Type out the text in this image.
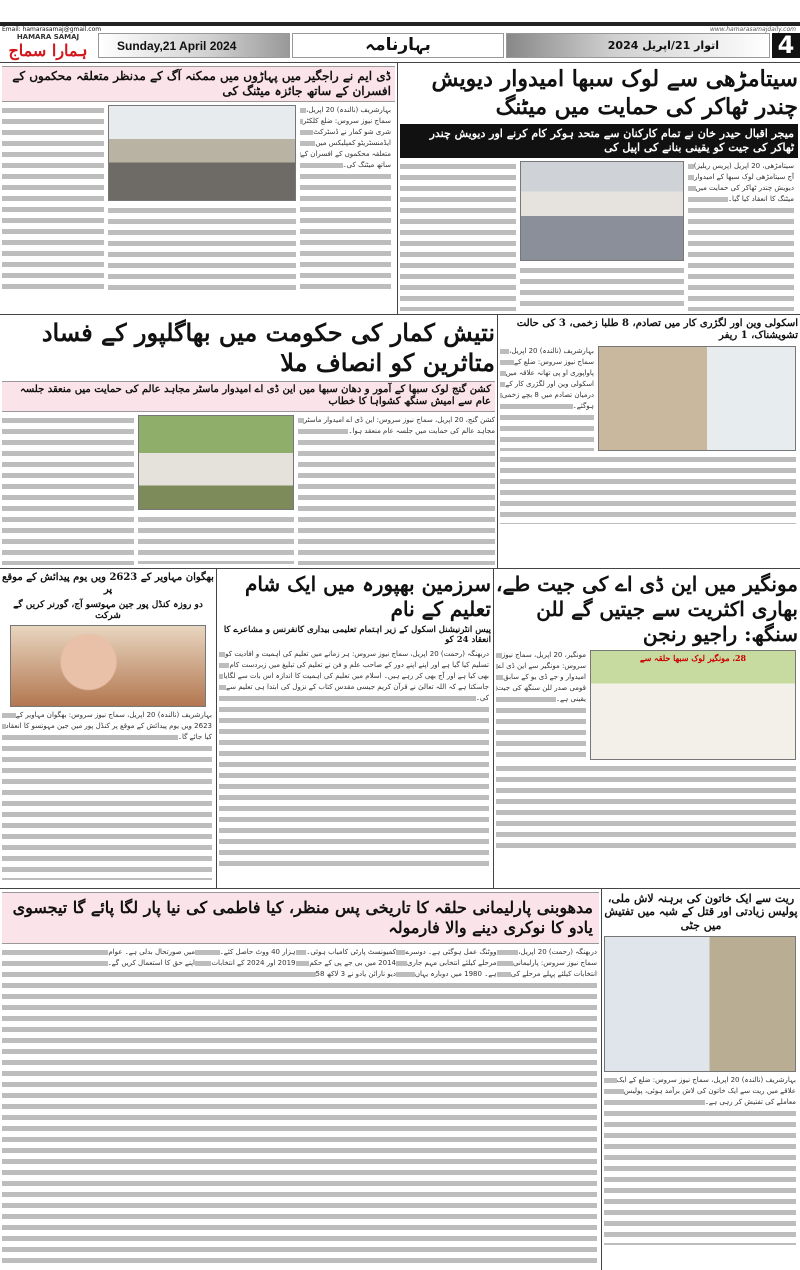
Email: hamarasamaj@gmail.com	www.hamarasamajdaily.com
HAMARA SAMAJ
ہمارا سماج	Sunday,21 April 2024	بہارنامہ	اتوار 21/اپریل 2024	4
ڈی ایم نے راجگیر میں پہاڑوں میں ممکنہ آگ کے مدنظر متعلقہ محکموں کے افسران کے ساتھ جائزہ میٹنگ کی
بہارشریف (نالندہ) 20 اپریل، سماج نیوز سروس: ضلع کلکٹر شری شو کمار نے ڈسٹرکٹ ایڈمنسٹریٹو کمپلیکس میں متعلقہ محکموں کے افسران کے ساتھ میٹنگ کی۔
سیتامڑھی سے لوک سبھا امیدوار دیویش چندر ٹھاکر کی حمایت میں میٹنگ
میجر اقبال حیدر خان نے تمام کارکنان سے متحد ہوکر کام کرنے اور دیویش چندر ٹھاکر کی جیت کو یقینی بنانے کی اپیل کی
سیتامڑھی، 20 اپریل (پریس ریلیز) آج سیتامڑھی لوک سبھا کے امیدوار دیویش چندر ٹھاکر کی حمایت میں میٹنگ کا انعقاد کیا گیا۔
نتیش کمار کی حکومت میں بھاگلپور کے فساد متاثرین کو انصاف ملا
کشن گنج لوک سبھا کے آمور و دھان سبھا میں این ڈی اے امیدوار ماسٹر مجاہد عالم کی حمایت میں منعقد جلسہ عام سے امیش سنگھ کشواہا کا خطاب
کشن گنج، 20 اپریل، سماج نیوز سروس: این ڈی اے امیدوار ماسٹر مجاہد عالم کی حمایت میں جلسہ عام منعقد ہوا۔
اسکولی وین اور لگژری کار میں تصادم، 8 طلبا زخمی، 3 کی حالت تشویشناک، 1 ریفر
بہارشریف (نالندہ) 20 اپریل، سماج نیوز سروس: ضلع کے پاواپوری او پی تھانہ علاقہ میں اسکولی وین اور لگژری کار کے درمیان تصادم میں 8 بچے زخمی ہوگئے۔
بھگوان مہاویر کے 2623 ویں یوم پیدائش کے موقع پر
دو روزہ کنڈل پور جین مہوتسو آج، گورنر کریں گے شرکت
بہارشریف (نالندہ) 20 اپریل، سماج نیوز سروس: بھگوان مہاویر کے 2623 ویں یوم پیدائش کے موقع پر کنڈل پور میں جین مہوتسو کا انعقاد کیا جائے گا۔
سرزمین بھپورہ میں ایک شام تعلیم کے نام
پیس انٹرنیشنل اسکول کے زیر اہتمام تعلیمی بیداری کانفرنس و مشاعرے کا انعقاد 24 کو
دربھنگہ (رحمت) 20 اپریل، سماج نیوز سروس: ہر زمانے میں تعلیم کی اہمیت و افادیت کو تسلیم کیا گیا ہے اور اپنے اپنے دور کے صاحب علم و فن نے تعلیم کی تبلیغ میں زبردست کام بھی کیا ہے اور آج بھی کر رہے ہیں۔ اسلام میں تعلیم کی اہمیت کا اندازہ اس بات سے لگایا جاسکتا ہے کہ اللہ تعالیٰ نے قرآن کریم جیسی مقدس کتاب کے نزول کی ابتدا ہی تعلیم سے کی۔
مونگیر میں این ڈی اے کی جیت طے، بھاری اکثریت سے جیتیں گے للن سنگھ: راجیو رنجن
مونگیر، 20 اپریل، سماج نیوز سروس: مونگیر سے این ڈی اے امیدوار و جے ڈی یو کے سابق قومی صدر للن سنگھ کی جیت یقینی ہے۔
28، مونگیر لوک سبھا حلقہ سے
مدھوبنی پارلیمانی حلقہ کا تاریخی پس منظر، کیا فاطمی کی نیا پار لگا پائے گا تیجسوی یادو کا نوکری دینے والا فارمولہ
دربھنگہ (رحمت) 20 اپریل، سماج نیوز سروس: پارلیمانی انتخابات کیلئے پہلے مرحلے کی ووٹنگ عمل ہوگئی ہے۔ دوسرے مرحلے کیلئے انتخابی مہم جاری ہے۔ 1980 میں دوبارہ یہاں کمیونسٹ پارٹی کامیاب ہوئی۔ 2014 میں بی جے پی کے حکم دیو نارائن یادو نے 3 لاکھ 58 ہزار 40 ووٹ حاصل کئے۔ 2019 اور 2024 کے انتخابات میں صورتحال بدلی ہے۔ عوام اپنے حق کا استعمال کریں گے۔
ریت سے ایک خاتون کی برہنہ لاش ملی، پولیس زیادتی اور قتل کے شبہ میں تفتیش میں جٹی
بہارشریف (نالندہ) 20 اپریل، سماج نیوز سروس: ضلع کے ایک علاقے میں ریت سے ایک خاتون کی لاش برآمد ہوئی، پولیس معاملے کی تفتیش کر رہی ہے۔
